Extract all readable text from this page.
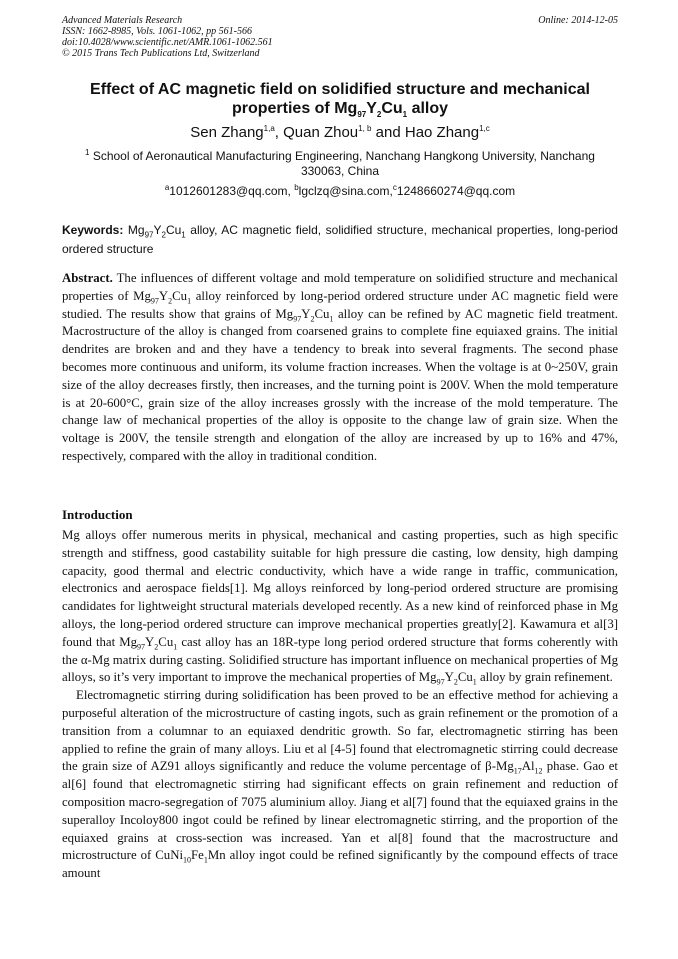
Advanced Materials Research
ISSN: 1662-8985, Vols. 1061-1062, pp 561-566
doi:10.4028/www.scientific.net/AMR.1061-1062.561
© 2015 Trans Tech Publications Ltd, Switzerland
Online: 2014-12-05
Effect of AC magnetic field on solidified structure and mechanical
properties of $Mg_{97}Y_2Cu_1$ alloy
Sen Zhang$^{1,a}$, Quan Zhou$^{1, b}$ and Hao Zhang$^{1,c}$
$^1$ School of Aeronautical Manufacturing Engineering, Nanchang Hangkong University, Nanchang 330063, China
$^a$1012601283@qq.com, $^b$lgclzq@sina.com,$^c$1248660274@qq.com
Keywords: $Mg_{97}Y_2Cu_1$ alloy, AC magnetic field, solidified structure, mechanical properties, long-period ordered structure

Abstract. The influences of different voltage and mold temperature on solidified structure and mechanical properties of $Mg_{97}Y_2Cu_1$ alloy reinforced by long-period ordered structure under AC magnetic field were studied. The results show that grains of $Mg_{97}Y_2Cu_1$ alloy can be refined by AC magnetic field treatment. Macrostructure of the alloy is changed from coarsened grains to complete fine equiaxed grains. The initial dendrites are broken and and they have a tendency to break into several fragments. The second phase becomes more continuous and uniform, its volume fraction increases. When the voltage is at 0~250V, grain size of the alloy decreases firstly, then increases, and the turning point is 200V. When the mold temperature is at 20-600°C, grain size of the alloy increases grossly with the increase of the mold temperature. The change law of mechanical properties of the alloy is opposite to the change law of grain size. When the voltage is 200V, the tensile strength and elongation of the alloy are increased by up to 16% and 47%, respectively, compared with the alloy in traditional condition.

Introduction

Mg alloys offer numerous merits in physical, mechanical and casting properties, such as high specific strength and stiffness, good castability suitable for high pressure die casting, low density, high damping capacity, good thermal and electric conductivity, which have a wide range in traffic, communication, electronics and aerospace fields[1]. Mg alloys reinforced by long-period ordered structure are promising candidates for lightweight structural materials developed recently. As a new kind of reinforced phase in Mg alloys, the long-period ordered structure can improve mechanical properties greatly[2]. Kawamura et al[3] found that $Mg_{97}Y_2Cu_1$ cast alloy has an 18R-type long period ordered structure that forms coherently with the α-Mg matrix during casting. Solidified structure has important influence on mechanical properties of Mg alloys, so it’s very important to improve the mechanical properties of $Mg_{97}Y_2Cu_1$ alloy by grain refinement.

Electromagnetic stirring during solidification has been proved to be an effective method for achieving a purposeful alteration of the microstructure of casting ingots, such as grain refinement or the promotion of a transition from a columnar to an equiaxed dendritic growth. So far, electromagnetic stirring has been applied to refine the grain of many alloys. Liu et al [4-5] found that electromagnetic stirring could decrease the grain size of AZ91 alloys significantly and reduce the volume percentage of $\beta-Mg_{17}Al_{12}$ phase. Gao et al[6] found that electromagnetic stirring had significant effects on grain refinement and reduction of composition macro-segregation of 7075 aluminium alloy. Jiang et al[7] found that the equiaxed grains in the superalloy Incoloy800 ingot could be refined by linear electromagnetic stirring, and the proportion of the equiaxed grains at cross-section was increased. Yan et al[8] found that the macrostructure and microstructure of $CuNi_{10}Fe_1Mn$ alloy ingot could be refined significantly by the compound effects of trace amount
